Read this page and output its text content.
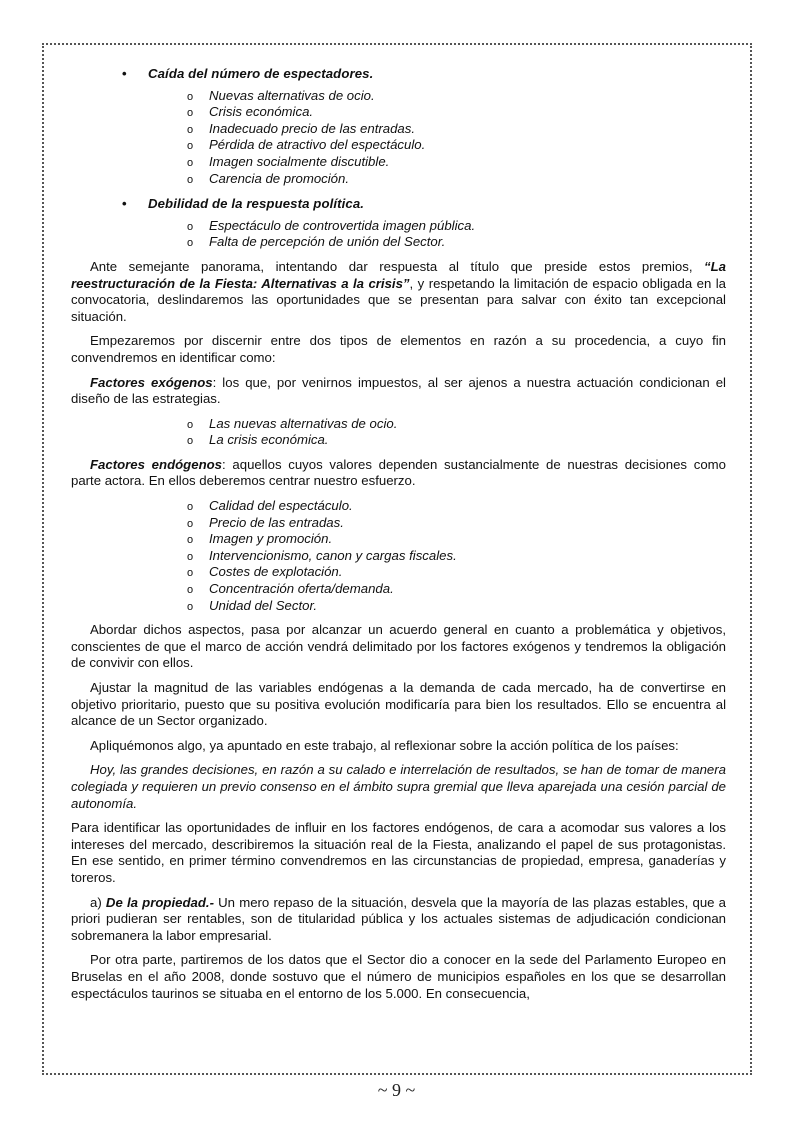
• Caída del número de espectadores.
o Nuevas alternativas de ocio.
o Crisis económica.
o Inadecuado precio de las entradas.
o Pérdida de atractivo del espectáculo.
o Imagen socialmente discutible.
o Carencia de promoción.
• Debilidad de la respuesta política.
o Espectáculo de controvertida imagen pública.
o Falta de percepción de unión del Sector.

Ante semejante panorama, intentando dar respuesta al título que preside estos premios, “La reestructuración de la Fiesta: Alternativas a la crisis”, y respetando la limitación de espacio obligada en la convocatoria, deslindaremos las oportunidades que se presentan para salvar con éxito tan excepcional situación.

Empezaremos por discernir entre dos tipos de elementos en razón a su procedencia, a cuyo fin convendremos en identificar como:

Factores exógenos: los que, por venirnos impuestos, al ser ajenos a nuestra actuación condicionan el diseño de las estrategias.

o Las nuevas alternativas de ocio.
o La crisis económica.

Factores endógenos: aquellos cuyos valores dependen sustancialmente de nuestras decisiones como parte actora. En ellos deberemos centrar nuestro esfuerzo.

o Calidad del espectáculo.
o Precio de las entradas.
o Imagen y promoción.
o Intervencionismo, canon y cargas fiscales.
o Costes de explotación.
o Concentración oferta/demanda.
o Unidad del Sector.

Abordar dichos aspectos, pasa por alcanzar un acuerdo general en cuanto a problemática y objetivos, conscientes de que el marco de acción vendrá delimitado por los factores exógenos y tendremos la obligación de convivir con ellos.

Ajustar la magnitud de las variables endógenas a la demanda de cada mercado, ha de convertirse en objetivo prioritario, puesto que su positiva evolución modificaría para bien los resultados. Ello se encuentra al alcance de un Sector organizado.

Apliquémonos algo, ya apuntado en este trabajo, al reflexionar sobre la acción política de los países:

Hoy, las grandes decisiones, en razón a su calado e interrelación de resultados, se han de tomar de manera colegiada y requieren un previo consenso en el ámbito supra gremial que lleva aparejada una cesión parcial de autonomía.

Para identificar las oportunidades de influir en los factores endógenos, de cara a acomodar sus valores a los intereses del mercado, describiremos la situación real de la Fiesta, analizando el papel de sus protagonistas. En ese sentido, en primer término convendremos en las circunstancias de propiedad, empresa, ganaderías y toreros.

a) De la propiedad.- Un mero repaso de la situación, desvela que la mayoría de las plazas estables, que a priori pudieran ser rentables, son de titularidad pública y los actuales sistemas de adjudicación condicionan sobremanera la labor empresarial.

Por otra parte, partiremos de los datos que el Sector dio a conocer en la sede del Parlamento Europeo en Bruselas en el año 2008, donde sostuvo que el número de municipios españoles en los que se desarrollan espectáculos taurinos se situaba en el entorno de los 5.000. En consecuencia,

~ 9 ~
